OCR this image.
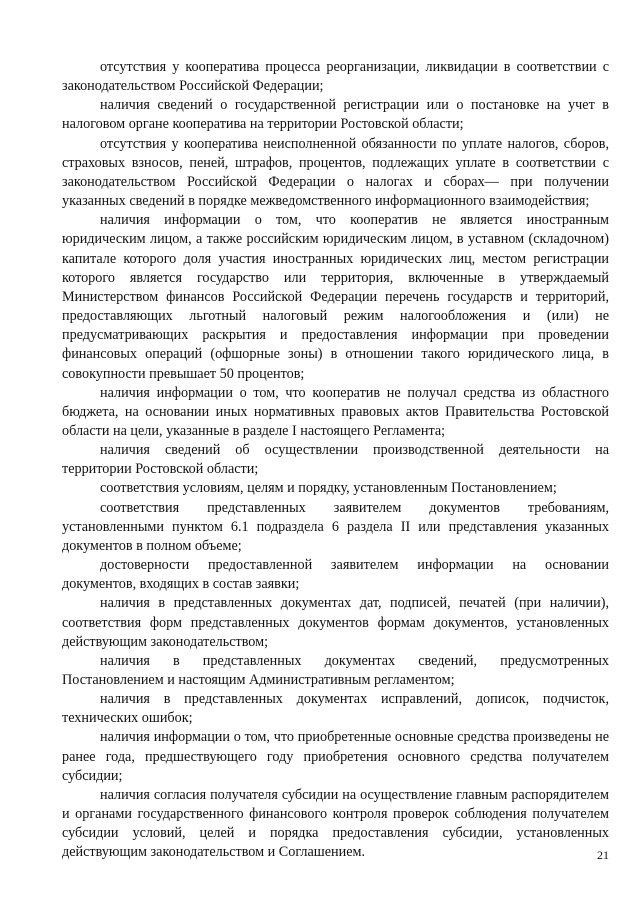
отсутствия у кооператива процесса реорганизации, ликвидации в соответствии с законодательством Российской Федерации;

наличия сведений о государственной регистрации или о постановке на учет в налоговом органе кооператива на территории Ростовской области;

отсутствия у кооператива неисполненной обязанности по уплате налогов, сборов, страховых взносов, пеней, штрафов, процентов, подлежащих уплате в соответствии с законодательством Российской Федерации о налогах и сборах— при получении указанных сведений в порядке межведомственного информационного взаимодействия;

наличия информации о том, что кооператив не является иностранным юридическим лицом, а также российским юридическим лицом, в уставном (складочном) капитале которого доля участия иностранных юридических лиц, местом регистрации которого является государство или территория, включенные в утверждаемый Министерством финансов Российской Федерации перечень государств и территорий, предоставляющих льготный налоговый режим налогообложения и (или) не предусматривающих раскрытия и предоставления информации при проведении финансовых операций (офшорные зоны) в отношении такого юридического лица, в совокупности превышает 50 процентов;

наличия информации о том, что кооператив не получал средства из областного бюджета, на основании иных нормативных правовых актов Правительства Ростовской области на цели, указанные в разделе I настоящего Регламента;

наличия сведений об осуществлении производственной деятельности на территории Ростовской области;

соответствия условиям, целям и порядку, установленным Постановлением;

соответствия представленных заявителем документов требованиям, установленными пунктом 6.1 подраздела 6 раздела II или представления указанных документов в полном объеме;

достоверности предоставленной заявителем информации на основании документов, входящих в состав заявки;

наличия в представленных документах дат, подписей, печатей (при наличии), соответствия форм представленных документов формам документов, установленных действующим законодательством;

наличия в представленных документах сведений, предусмотренных Постановлением и настоящим Административным регламентом;

наличия в представленных документах исправлений, дописок, подчисток, технических ошибок;

наличия информации о том, что приобретенные основные средства произведены не ранее года, предшествующего году приобретения основного средства получателем субсидии;

наличия согласия получателя субсидии на осуществление главным распорядителем и органами государственного финансового контроля проверок соблюдения получателем субсидии условий, целей и порядка предоставления субсидии, установленных действующим законодательством и Соглашением.	21
